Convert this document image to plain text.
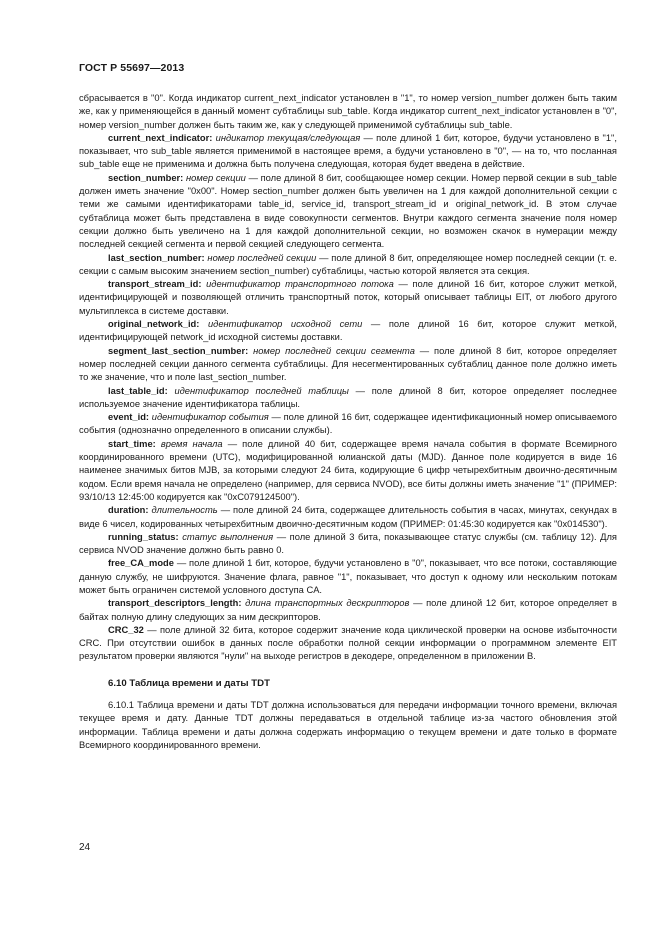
ГОСТ Р 55697—2013

сбрасывается в "0". Когда индикатор current_next_indicator установлен в "1", то номер version_number должен быть таким же, как у применяющейся в данный момент субтаблицы sub_table. Когда индикатор current_next_indicator установлен в "0", номер version_number должен быть таким же, как у следующей применимой субтаблицы sub_table.

current_next_indicator: индикатор текущая/следующая — поле длиной 1 бит, которое, будучи установлено в "1", показывает, что sub_table является применимой в настоящее время, а будучи установлено в "0", — на то, что посланная sub_table еще не применима и должна быть получена следующая, которая будет введена в действие.

section_number: номер секции — поле длиной 8 бит, сообщающее номер секции. Номер первой секции в sub_table должен иметь значение "0x00". Номер section_number должен быть увеличен на 1 для каждой дополнительной секции с теми же самыми идентификаторами table_id, service_id, transport_stream_id и original_network_id. В этом случае субтаблица может быть представлена в виде совокупности сегментов. Внутри каждого сегмента значение поля номер секции должно быть увеличено на 1 для каждой дополнительной секции, но возможен скачок в нумерации между последней секцией сегмента и первой секцией следующего сегмента.

last_section_number: номер последней секции — поле длиной 8 бит, определяющее номер последней секции (т. е. секции с самым высоким значением section_number) субтаблицы, частью которой является эта секция.

transport_stream_id: идентификатор транспортного потока — поле длиной 16 бит, которое служит меткой, идентифицирующей и позволяющей отличить транспортный поток, который описывает таблицы EIT, от любого другого мультиплекса в системе доставки.

original_network_id: идентификатор исходной сети — поле длиной 16 бит, которое служит меткой, идентифицирующей network_id исходной системы доставки.

segment_last_section_number: номер последней секции сегмента — поле длиной 8 бит, которое определяет номер последней секции данного сегмента субтаблицы. Для несегментированных субтаблиц данное поле должно иметь то же значение, что и поле last_section_number.

last_table_id: идентификатор последней таблицы — поле длиной 8 бит, которое определяет последнее используемое значение идентификатора таблицы.

event_id: идентификатор события — поле длиной 16 бит, содержащее идентификационный номер описываемого события (однозначно определенного в описании службы).

start_time: время начала — поле длиной 40 бит, содержащее время начала события в формате Всемирного координированного времени (UTC), модифицированной юлианской даты (MJD). Данное поле кодируется в виде 16 наименее значимых битов MJB, за которыми следуют 24 бита, кодирующие 6 цифр четырехбитным двоично-десятичным кодом. Если время начала не определено (например, для сервиса NVOD), все биты должны иметь значение "1" (ПРИМЕР: 93/10/13 12:45:00 кодируется как "0xC079124500").

duration: длительность — поле длиной 24 бита, содержащее длительность события в часах, минутах, секундах в виде 6 чисел, кодированных четырехбитным двоично-десятичным кодом (ПРИМЕР: 01:45:30 кодируется как "0x014530").

running_status: статус выполнения — поле длиной 3 бита, показывающее статус службы (см. таблицу 12). Для сервиса NVOD значение должно быть равно 0.

free_CA_mode — поле длиной 1 бит, которое, будучи установлено в "0", показывает, что все потоки, составляющие данную службу, не шифруются. Значение флага, равное "1", показывает, что доступ к одному или нескольким потокам может быть ограничен системой условного доступа CA.

transport_descriptors_length: длина транспортных дескрипторов — поле длиной 12 бит, которое определяет в байтах полную длину следующих за ним дескрипторов.

CRC_32 — поле длиной 32 бита, которое содержит значение кода циклической проверки на основе избыточности CRC. При отсутствии ошибок в данных после обработки полной секции информации о программном элементе EIT результатом проверки являются "нули" на выходе регистров в декодере, определенном в приложении B.

6.10 Таблица времени и даты TDT

6.10.1 Таблица времени и даты TDT должна использоваться для передачи информации точного времени, включая текущее время и дату. Данные TDT должны передаваться в отдельной таблице из-за частого обновления этой информации. Таблица времени и даты должна содержать информацию о текущем времени и дате только в формате Всемирного координированного времени.

24
